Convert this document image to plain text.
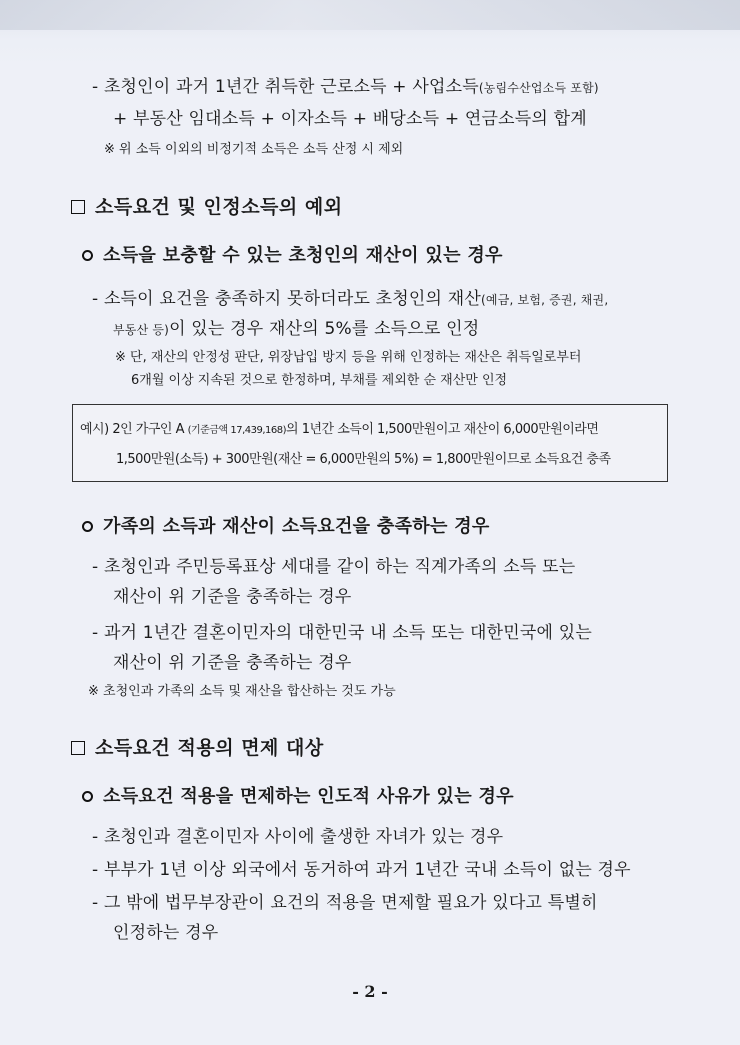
- 초청인이 과거 1년간 취득한 근로소득 + 사업소득(농림수산업소득 포함)
+ 부동산 임대소득 + 이자소득 + 배당소득 + 연금소득의 합계
※ 위 소득 이외의 비정기적 소득은 소득 산정 시 제외
소득요건 및 인정소득의 예외
소득을 보충할 수 있는 초청인의 재산이 있는 경우
- 소득이 요건을 충족하지 못하더라도 초청인의 재산(예금, 보험, 증권, 채권,
부동산 등)이 있는 경우 재산의 5%를 소득으로 인정
※ 단, 재산의 안정성 판단, 위장납입 방지 등을 위해 인정하는 재산은 취득일로부터
6개월 이상 지속된 것으로 한정하며, 부채를 제외한 순 재산만 인정
예시) 2인 가구인 A (기준금액 17,439,168)의 1년간 소득이 1,500만원이고 재산이 6,000만원이라면
1,500만원(소득) + 300만원(재산 = 6,000만원의 5%) = 1,800만원이므로 소득요건 충족
가족의 소득과 재산이 소득요건을 충족하는 경우
- 초청인과 주민등록표상 세대를 같이 하는 직계가족의 소득 또는
재산이 위 기준을 충족하는 경우
- 과거 1년간 결혼이민자의 대한민국 내 소득 또는 대한민국에 있는
재산이 위 기준을 충족하는 경우
※ 초청인과 가족의 소득 및 재산을 합산하는 것도 가능
소득요건 적용의 면제 대상
소득요건 적용을 면제하는 인도적 사유가 있는 경우
- 초청인과 결혼이민자 사이에 출생한 자녀가 있는 경우
- 부부가 1년 이상 외국에서 동거하여 과거 1년간 국내 소득이 없는 경우
- 그 밖에 법무부장관이 요건의 적용을 면제할 필요가 있다고 특별히
인정하는 경우
- 2 -
